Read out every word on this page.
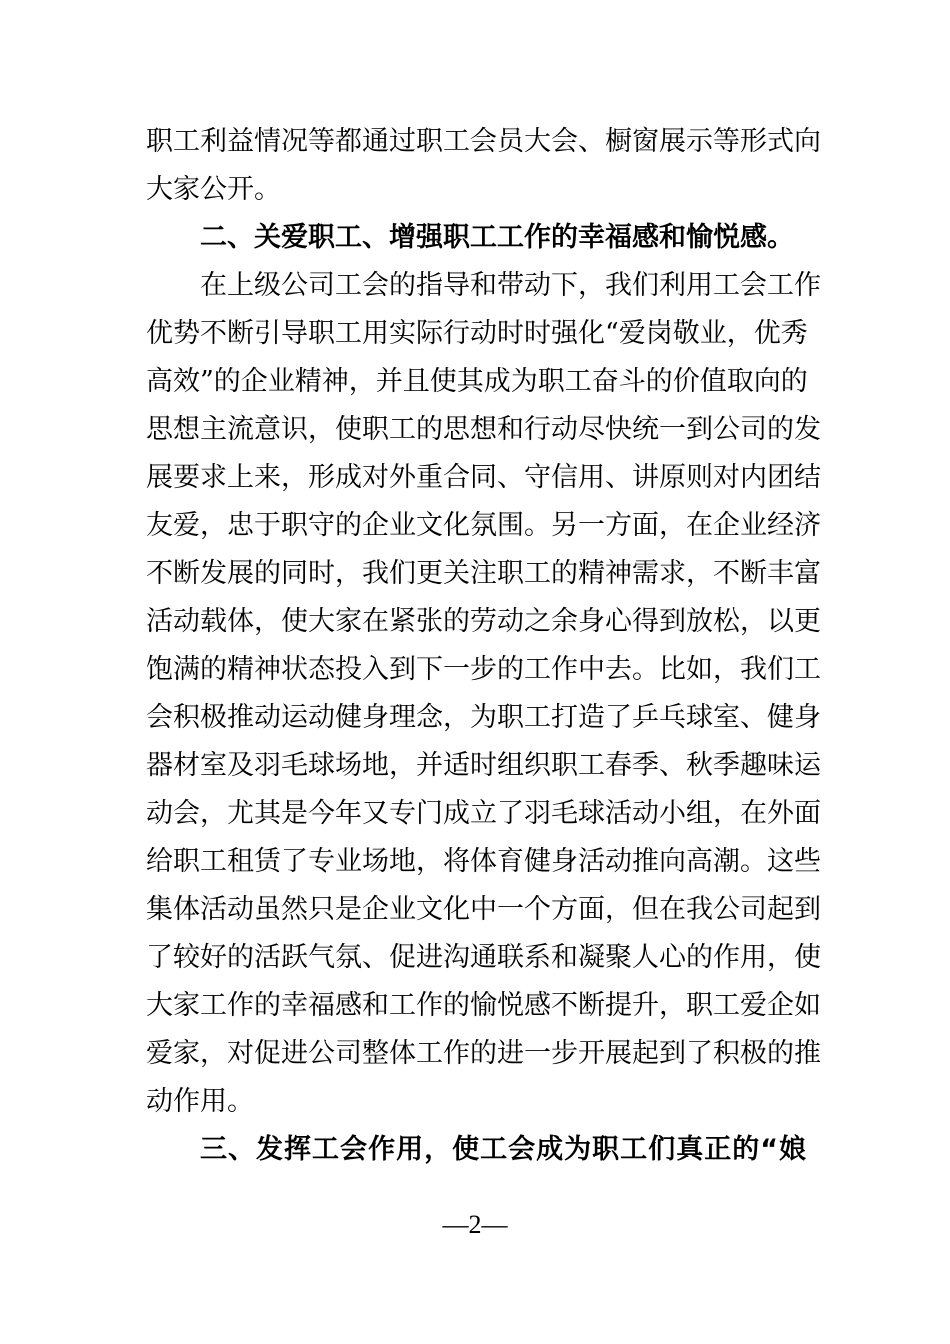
职工利益情况等都通过职工会员大会、橱窗展示等形式向
大家公开。
二、关爱职工、增强职工工作的幸福感和愉悦感。
在上级公司工会的指导和带动下，我们利用工会工作
优势不断引导职工用实际行动时时强化“爱岗敬业，优秀
高效”的企业精神，并且使其成为职工奋斗的价值取向的
思想主流意识，使职工的思想和行动尽快统一到公司的发
展要求上来，形成对外重合同、守信用、讲原则对内团结
友爱，忠于职守的企业文化氛围。另一方面，在企业经济
不断发展的同时，我们更关注职工的精神需求，不断丰富
活动载体，使大家在紧张的劳动之余身心得到放松，以更
饱满的精神状态投入到下一步的工作中去。比如，我们工
会积极推动运动健身理念，为职工打造了乒乓球室、健身
器材室及羽毛球场地，并适时组织职工春季、秋季趣味运
动会，尤其是今年又专门成立了羽毛球活动小组，在外面
给职工租赁了专业场地，将体育健身活动推向高潮。这些
集体活动虽然只是企业文化中一个方面，但在我公司起到
了较好的活跃气氛、促进沟通联系和凝聚人心的作用，使
大家工作的幸福感和工作的愉悦感不断提升，职工爱企如
爱家，对促进公司整体工作的进一步开展起到了积极的推
动作用。
三、发挥工会作用，使工会成为职工们真正的“娘
—2—
